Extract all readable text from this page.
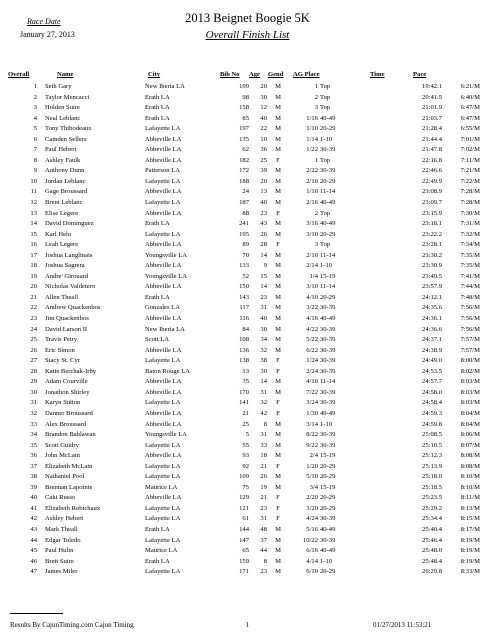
Race Date
January 27, 2013
2013 Beignet Boogie 5K
Overall Finish List
Overall	Name	City	Bib No Age Gend AG Place	Time	Pace
1 Seth Gary	New Iberia LA	199	20	M	1 Top	19:42.1	6:21/M
2 Taylor Mencacci	Erath LA	98	30	M	2 Top	20:41.5	6:40/M
3 Holden Suire	Erath LA	158	12	M	3 Top	21:01.9	6:47/M
4 Neal Leblanc	Erath LA	85	40	M	1/16 40-49	21:03.7	6:47/M
5 Tony Thibodeaux	Lafayette LA	197	22	M	1/10 20-29	21:28.4	6:55/M
6 Camden Sellers	Abbeville LA	135	10	M	1/14 1-10	21:44.4	7:01/M
7 Paul Hebert	Abbeville LA	62	36	M	1/22 30-39	21:47.8	7:02/M
8 Ashley Faulk	Abbeville LA	182	25	F	1 Top	22:16.8	7:11/M
9 Anthony Dunn	Patterson LA	172	39	M	2/22 30-39	22:46.6	7:21/M
10 Jordan Leblanc	Lafayette LA	188	20	M	2/10 20-29	22:49.9	7:22/M
11 Gage Broussard	Abbeville LA	24	13	M	1/10 11-14	23:08.9	7:28/M
12 Brent Leblanc	Lafayette LA	187	40	M	2/16 40-49	23:09.7	7:28/M
13 Elise Legere	Abbeville LA	88	23	F	2 Top	23:15.9	7:30/M
14 David Dominguez	Erath LA	241	43	M	3/16 40-49	23:18.1	7:31/M
15 Karl Helo	Lafayette LA	195	26	M	3/10 20-29	23:22.2	7:32/M
16 Leah Legere	Abbeville LA	89	28	F	3 Top	23:28.1	7:34/M
17 Joshua Langlinais	Youngsville LA	70	14	M	2/10 11-14	23:30.2	7:35/M
18 Joshua Sagrera	Abbeville LA	133	9	M	2/14 1-10	23:30.9	7:35/M
19 Andre' Girouard	Youngsville LA	52	15	M	1/4 15-19	23:49.5	7:41/M
20 Nicholas Valdetero	Abbeville LA	150	14	M	3/10 11-14	23:57.9	7:44/M
21 Allen Theall	Erath LA	143	23	M	4/10 20-29	24:12.1	7:48/M
22 Andrew Quackenbos	Gonzales LA	117	31	M	3/22 30-39	24:35.6	7:56/M
23 Jim Quackenbos	Abbeville LA	116	40	M	4/16 40-49	24:36.1	7:56/M
24 David Larson II	New Iberia LA	84	30	M	4/22 30-39	24:36.6	7:56/M
25 Travis Petry	Scott LA	108	34	M	5/22 30-39	24:37.1	7:57/M
26 Eric Simon	Abbeville LA	136	32	M	6/22 30-39	24:38.9	7:57/M
27 Stacy St. Cyr	Lafayette LA	138	38	F	1/24 30-39	24:49.0	8:00/M
28 Katie Berchak-Irby	Baton Rouge LA	13	30	F	2/24 30-39	24:53.5	8:02/M
29 Adam Courville	Abbeville LA	35	14	M	4/10 11-14	24:57.7	8:03/M
30 Jonathon Shirley	Abbeville LA	170	31	M	7/22 30-39	24:58.0	8:03/M
31 Karyn Sutton	Lafayette LA	141	32	F	3/24 30-39	24:58.4	8:03/M
32 Danner Broussard	Abbeville LA	21	42	F	1/30 40-49	24:59.3	8:04/M
33 Alex Broussard	Abbeville LA	25	8	M	3/14 1-10	24:59.8	8:04/M
34 Brandon Bahlawan	Youngsville LA	5	31	M	8/22 30-39	25:08.5	8:06/M
35 Scott Guidry	Lafayette LA	55	33	M	9/22 30-39	25:10.5	8:07/M
36 John McLain	Abbeville LA	93	18	M	2/4 15-19	25:12.3	8:08/M
37 Elizabeth McLain	Lafayette LA	92	21	F	1/20 20-29	25:13.9	8:08/M
38 Nathaniel Pool	Lafayette LA	109	26	M	5/10 20-29	25:18.0	8:10/M
39 Brennan Lapointe	Maurice LA	75	19	M	3/4 15-19	25:18.5	8:10/M
40 Caki Russo	Abbeville LA	129	21	F	2/20 20-29	25:23.5	8:11/M
41 Elizabeth Robichaux	Lafayette LA	121	23	F	3/20 20-29	25:29.2	8:13/M
42 Ashley Hebert	Lafayette LA	61	31	F	4/24 30-39	25:34.4	8:15/M
43 Mark Theall	Erath LA	144	48	M	5/16 40-49	25:40.4	8:17/M
44 Edgar Toledo	Lafayette LA	147	37	M	10/22 30-39	25:46.4	8:19/M
45 Paul Hulin	Maurice LA	65	44	M	6/16 40-49	25:48.0	8:19/M
46 Brett Suire	Erath LA	159	8	M	4/14 1-10	25:48.4	8:19/M
47 James Miler	Lafayette LA	171	23	M	6/10 20-29	26:29.8	8:33/M
Results By CajunTiming.com Cajun Timing	1	01/27/2013 11:53:21
